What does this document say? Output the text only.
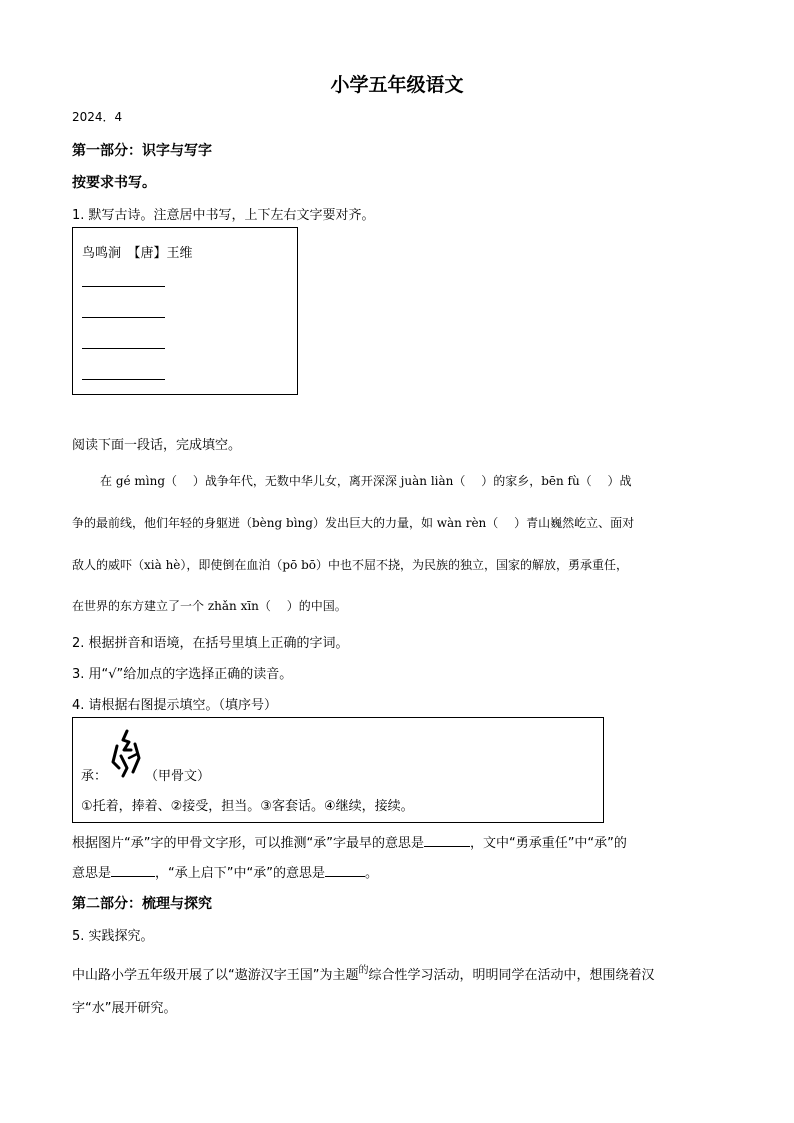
小学五年级语文
2024．4
第一部分：识字与写字
按要求书写。
1. 默写古诗。注意居中书写，上下左右文字要对齐。
鸟鸣涧　【唐】王维
阅读下面一段话，完成填空。
在 gé mìng（　 ）战争年代，无数中华儿女，离开深深 juàn liàn（　 ）的家乡，bēn fù（　 ）战
争的最前线，他们年轻的身躯迸（bèng bìng）发出巨大的力量，如 wàn rèn（　 ）青山巍然屹立、面对
敌人的威吓（xià hè），即使倒在血泊（pō bō）中也不屈不挠，为民族的独立，国家的解放，勇承重任，
在世界的东方建立了一个 zhǎn xīn（　 ）的中国。
2. 根据拼音和语境，在括号里填上正确的字词。
3. 用“√”给加点的字选择正确的读音。
4. 请根据右图提示填空。（填序号）
承：	（甲骨文）
①托着，捧着、②接受，担当。③客套话。④继续，接续。
根据图片“承”字的甲骨文字形，可以推测“承”字最早的意思是	，文中“勇承重任”中“承”的
意思是	，“承上启下”中“承”的意思是	。
第二部分：梳理与探究
5. 实践探究。
中山路小学五年级开展了以“遨游汉字王国”为主题$^的$综合性学习活动，明明同学在活动中，想围绕着汉
字“水”展开研究。
